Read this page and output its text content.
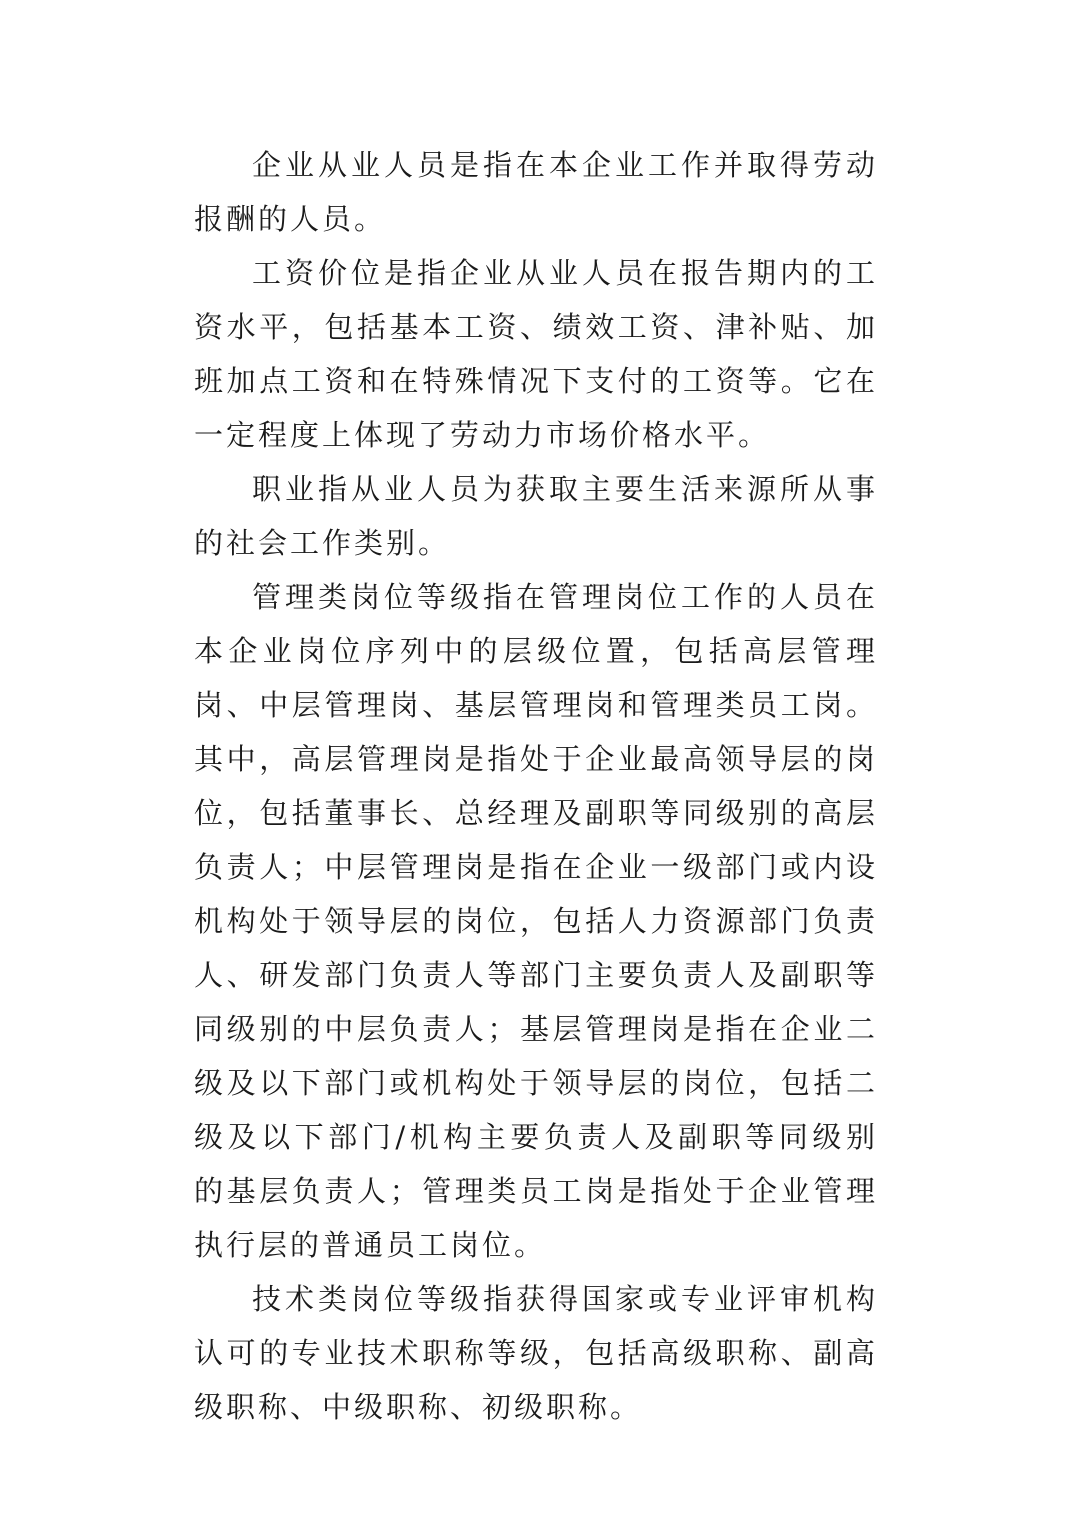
企业从业人员是指在本企业工作并取得劳动报酬的人员。

工资价位是指企业从业人员在报告期内的工资水平，包括基本工资、绩效工资、津补贴、加班加点工资和在特殊情况下支付的工资等。它在一定程度上体现了劳动力市场价格水平。

职业指从业人员为获取主要生活来源所从事的社会工作类别。

管理类岗位等级指在管理岗位工作的人员在本企业岗位序列中的层级位置，包括高层管理岗、中层管理岗、基层管理岗和管理类员工岗。其中，高层管理岗是指处于企业最高领导层的岗位，包括董事长、总经理及副职等同级别的高层负责人；中层管理岗是指在企业一级部门或内设机构处于领导层的岗位，包括人力资源部门负责人、研发部门负责人等部门主要负责人及副职等同级别的中层负责人；基层管理岗是指在企业二级及以下部门或机构处于领导层的岗位，包括二级及以下部门/机构主要负责人及副职等同级别的基层负责人；管理类员工岗是指处于企业管理执行层的普通员工岗位。

技术类岗位等级指获得国家或专业评审机构认可的专业技术职称等级，包括高级职称、副高级职称、中级职称、初级职称。
